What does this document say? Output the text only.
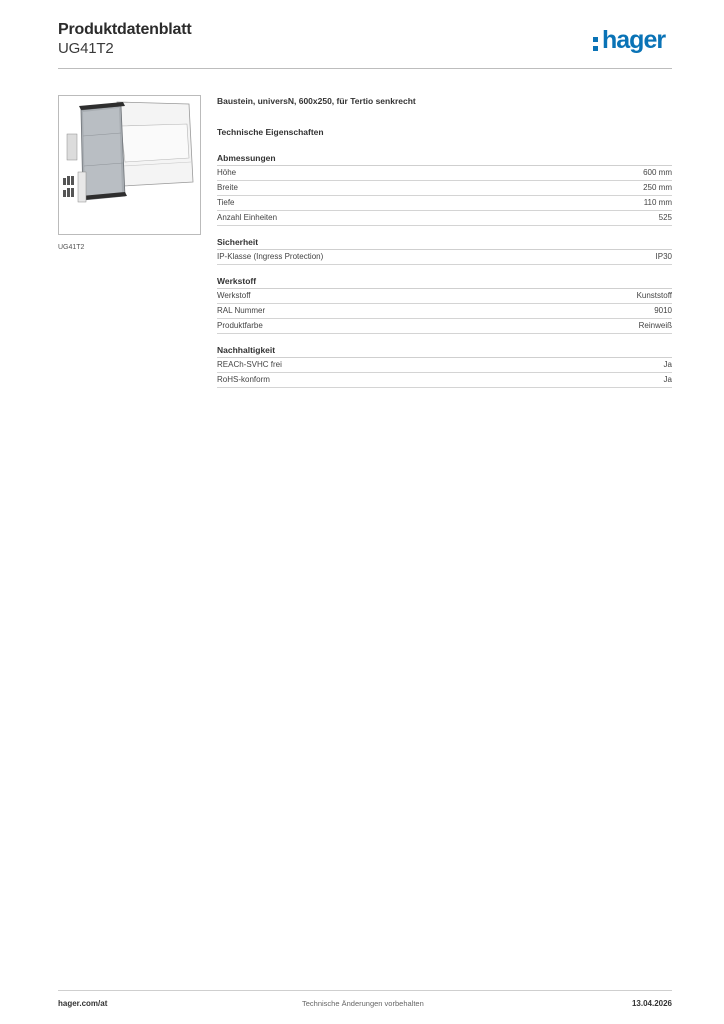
Produktdatenblatt
UG41T2	hager
UG41T2
Baustein, universN, 600x250, für Tertio senkrecht
Technische Eigenschaften
Abmessungen
Höhe	600 mm
Breite	250 mm
Tiefe	110 mm
Anzahl Einheiten	525
Sicherheit
IP-Klasse (Ingress Protection)	IP30
Werkstoff
Werkstoff	Kunststoff
RAL Nummer	9010
Produktfarbe	Reinweiß
Nachhaltigkeit
REACh-SVHC frei	Ja
RoHS-konform	Ja
hager.com/at	Technische Änderungen vorbehalten	13.04.2026
